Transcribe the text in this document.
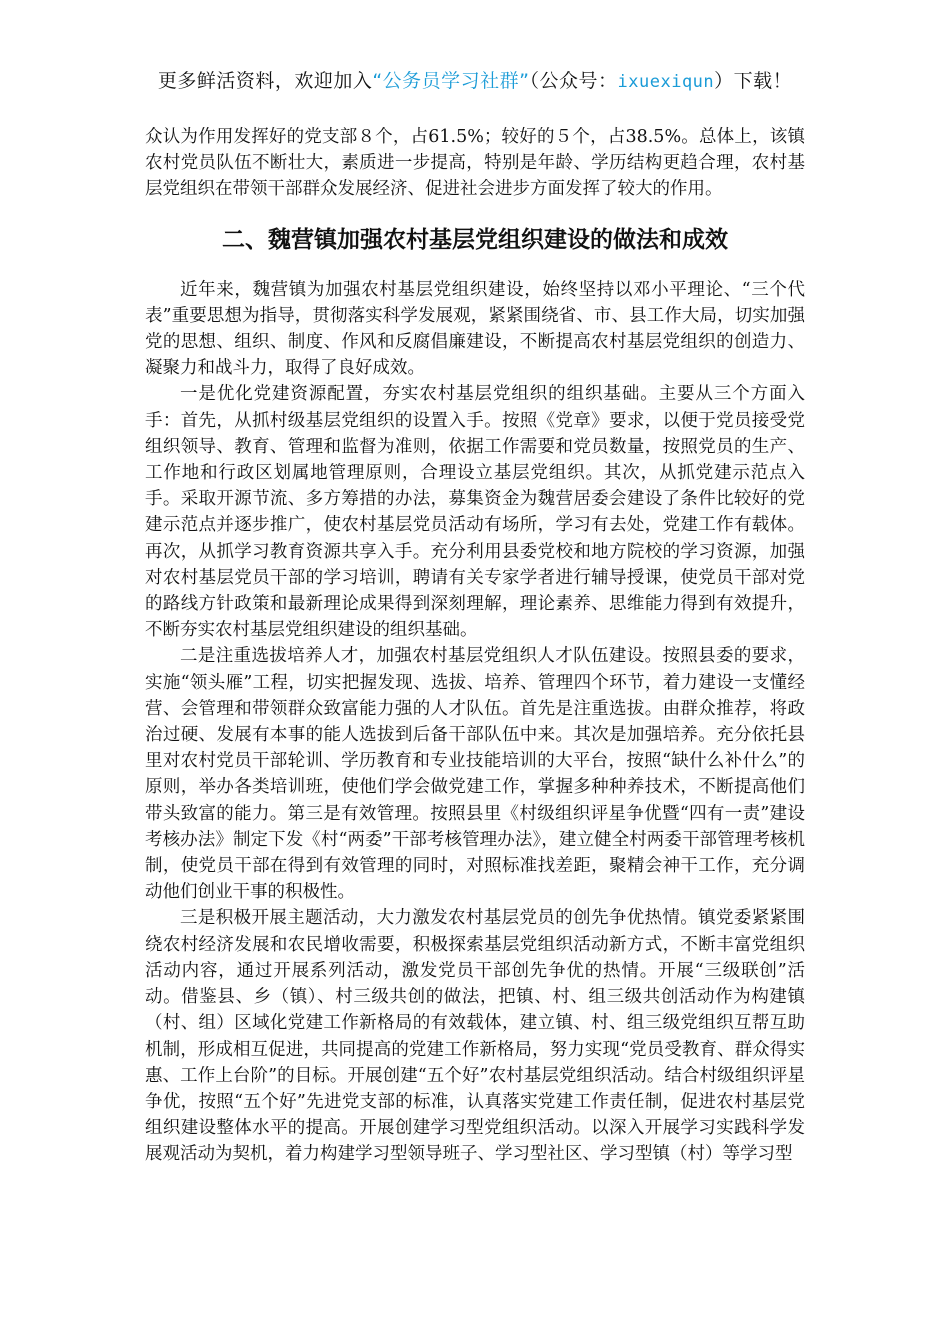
更多鲜活资料，欢迎加入“公务员学习社群”（公众号：ixuexiqun）下载！

众认为作用发挥好的党支部８个，占61.5%；较好的５个，占38.5%。总体上，该镇农村党员队伍不断壮大，素质进一步提高，特别是年龄、学历结构更趋合理，农村基层党组织在带领干部群众发展经济、促进社会进步方面发挥了较大的作用。

二、魏营镇加强农村基层党组织建设的做法和成效

近年来，魏营镇为加强农村基层党组织建设，始终坚持以邓小平理论、“三个代表”重要思想为指导，贯彻落实科学发展观，紧紧围绕省、市、县工作大局，切实加强党的思想、组织、制度、作风和反腐倡廉建设，不断提高农村基层党组织的创造力、凝聚力和战斗力，取得了良好成效。

一是优化党建资源配置，夯实农村基层党组织的组织基础。主要从三个方面入手：首先，从抓村级基层党组织的设置入手。按照《党章》要求，以便于党员接受党组织领导、教育、管理和监督为准则，依据工作需要和党员数量，按照党员的生产、工作地和行政区划属地管理原则，合理设立基层党组织。其次，从抓党建示范点入手。采取开源节流、多方筹措的办法，募集资金为魏营居委会建设了条件比较好的党建示范点并逐步推广，使农村基层党员活动有场所，学习有去处，党建工作有载体。再次，从抓学习教育资源共享入手。充分利用县委党校和地方院校的学习资源，加强对农村基层党员干部的学习培训，聘请有关专家学者进行辅导授课，使党员干部对党的路线方针政策和最新理论成果得到深刻理解，理论素养、思维能力得到有效提升，不断夯实农村基层党组织建设的组织基础。

二是注重选拔培养人才，加强农村基层党组织人才队伍建设。按照县委的要求，实施“领头雁”工程，切实把握发现、选拔、培养、管理四个环节，着力建设一支懂经营、会管理和带领群众致富能力强的人才队伍。首先是注重选拔。由群众推荐，将政治过硬、发展有本事的能人选拔到后备干部队伍中来。其次是加强培养。充分依托县里对农村党员干部轮训、学历教育和专业技能培训的大平台，按照“缺什么补什么”的原则，举办各类培训班，使他们学会做党建工作，掌握多种种养技术，不断提高他们带头致富的能力。第三是有效管理。按照县里《村级组织评星争优暨“四有一责”建设考核办法》制定下发《村“两委”干部考核管理办法》，建立健全村两委干部管理考核机制，使党员干部在得到有效管理的同时，对照标准找差距，聚精会神干工作，充分调动他们创业干事的积极性。

三是积极开展主题活动，大力激发农村基层党员的创先争优热情。镇党委紧紧围绕农村经济发展和农民增收需要，积极探索基层党组织活动新方式，不断丰富党组织活动内容，通过开展系列活动，激发党员干部创先争优的热情。开展“三级联创”活动。借鉴县、乡（镇）、村三级共创的做法，把镇、村、组三级共创活动作为构建镇（村、组）区域化党建工作新格局的有效载体，建立镇、村、组三级党组织互帮互助机制，形成相互促进，共同提高的党建工作新格局，努力实现“党员受教育、群众得实惠、工作上台阶”的目标。开展创建“五个好”农村基层党组织活动。结合村级组织评星争优，按照“五个好”先进党支部的标准，认真落实党建工作责任制，促进农村基层党组织建设整体水平的提高。开展创建学习型党组织活动。以深入开展学习实践科学发展观活动为契机，着力构建学习型领导班子、学习型社区、学习型镇（村）等学习型
